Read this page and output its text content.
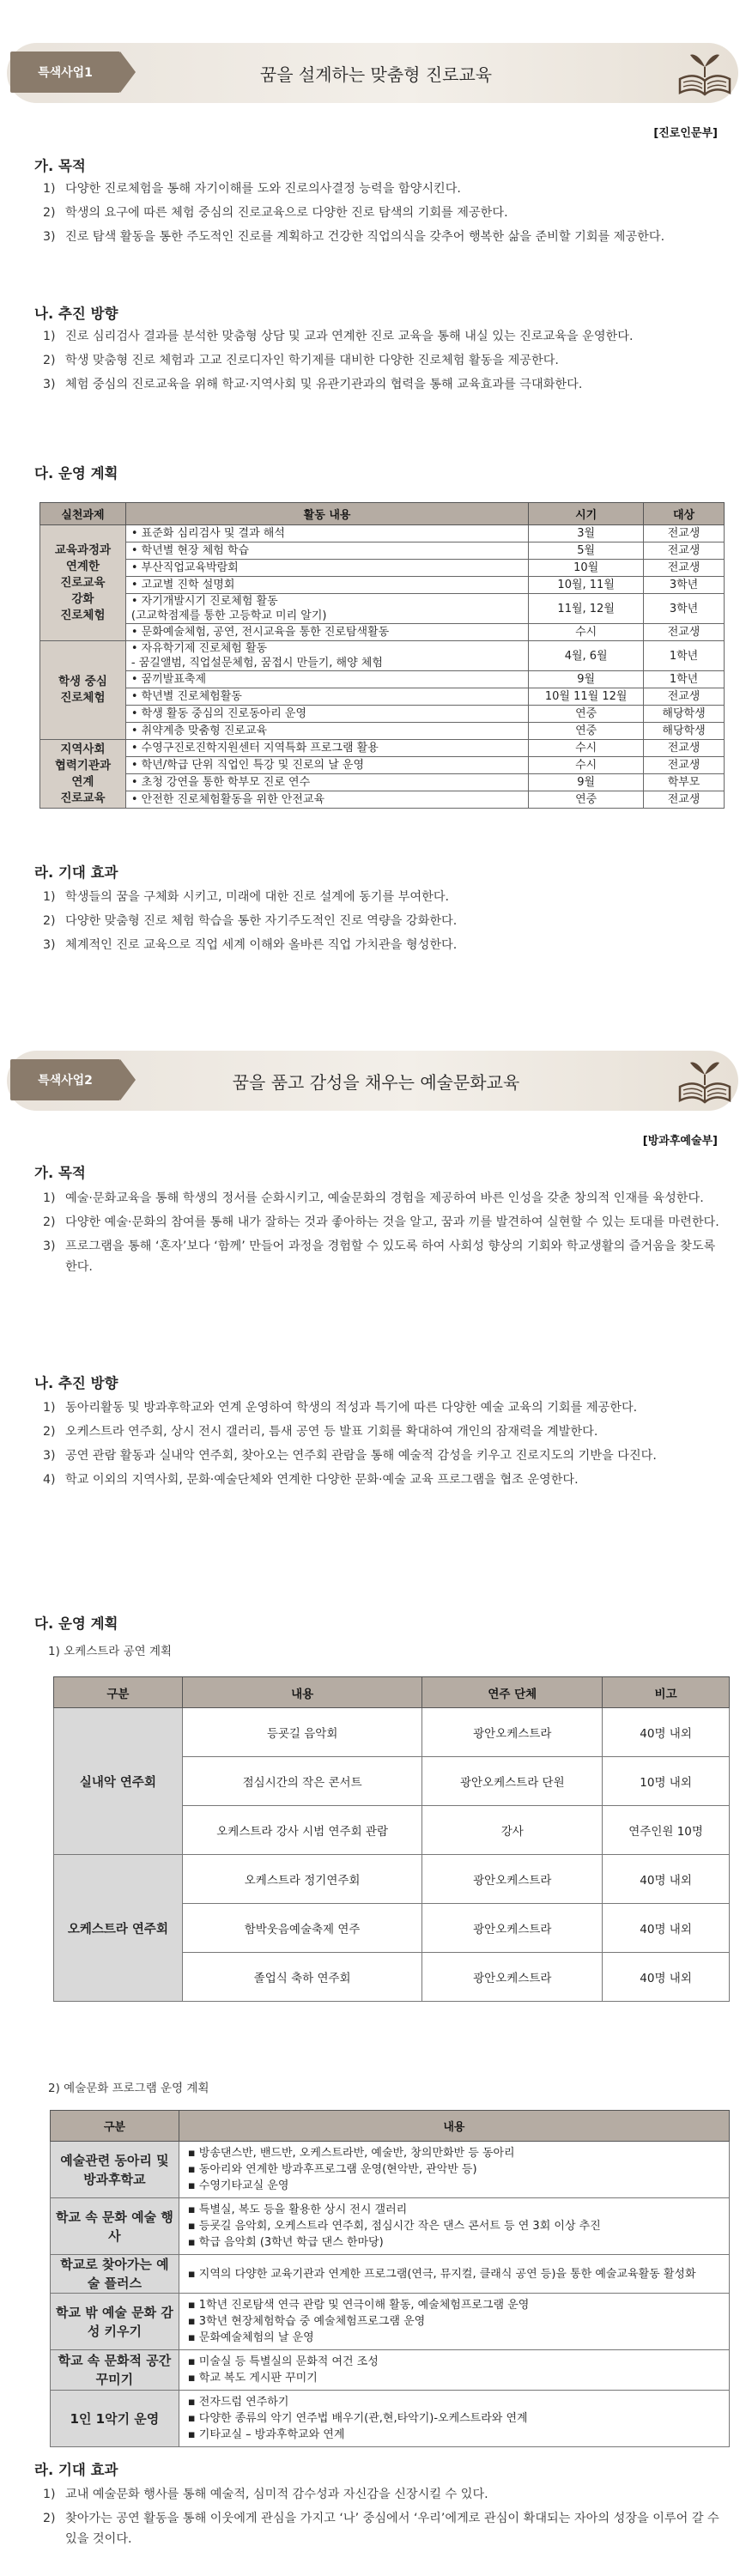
특색사업1	꿈을 설계하는 맞춤형 진로교육
[진로인문부]
가. 목적
1) 다양한 진로체험을 통해 자기이해를 도와 진로의사결정 능력을 함양시킨다.
2) 학생의 요구에 따른 체험 중심의 진로교육으로 다양한 진로 탐색의 기회를 제공한다.
3) 진로 탐색 활동을 통한 주도적인 진로를 계획하고 건강한 직업의식을 갖추어 행복한 삶을 준비할 기회를 제공한다.
나. 추진 방향
1) 진로 심리검사 결과를 분석한 맞춤형 상담 및 교과 연계한 진로 교육을 통해 내실 있는 진로교육을 운영한다.
2) 학생 맞춤형 진로 체험과 고교 진로디자인 학기제를 대비한 다양한 진로체험 활동을 제공한다.
3) 체험 중심의 진로교육을 위해 학교·지역사회 및 유관기관과의 협력을 통해 교육효과를 극대화한다.
다. 운영 계획
실천과제	활동 내용	시기	대상
교육과정과
연계한
진로교육
강화
진로체험	• 표준화 심리검사 및 결과 해석	3월	전교생
	• 학년별 현장 체험 학습	5월	전교생
	• 부산직업교육박람회	10월	전교생
	• 고교별 진학 설명회	10월, 11월	3학년
	• 자기개발시기 진로체험 활동
(고교학점제를 통한 고등학교 미리 알기)	11월, 12월	3학년
	• 문화예술체험, 공연, 전시교육을 통한 진로탐색활동	수시	전교생
학생 중심
진로체험	• 자유학기제 진로체험 활동
- 꿈길앨범, 직업설문체험, 꿈접시 만들기, 해양 체험	4월, 6월	1학년
	• 꿈끼발표축제	9월	1학년
	• 학년별 진로체험활동	10월 11월 12월	전교생
	• 학생 활동 중심의 진로동아리 운영	연중	해당학생
	• 취약계층 맞춤형 진로교육	연중	해당학생
지역사회
협력기관과
연계
진로교육	• 수영구진로진학지원센터 지역특화 프로그램 활용	수시	전교생
	• 학년/학급 단위 직업인 특강 및 진로의 날 운영	수시	전교생
	• 초청 강연을 통한 학부모 진로 연수	9월	학부모
	• 안전한 진로체험활동을 위한 안전교육	연중	전교생
라. 기대 효과
1) 학생들의 꿈을 구체화 시키고, 미래에 대한 진로 설계에 동기를 부여한다.
2) 다양한 맞춤형 진로 체험 학습을 통한 자기주도적인 진로 역량을 강화한다.
3) 체계적인 진로 교육으로 직업 세계 이해와 올바른 직업 가치관을 형성한다.
특색사업2	꿈을 품고 감성을 채우는 예술문화교육
[방과후예술부]
가. 목적
1) 예술·문화교육을 통해 학생의 정서를 순화시키고, 예술문화의 경험을 제공하여 바른 인성을 갖춘 창의적 인재를 육성한다.
2) 다양한 예술·문화의 참여를 통해 내가 잘하는 것과 좋아하는 것을 알고, 꿈과 끼를 발견하여 실현할 수 있는 토대를 마련한다.
3) 프로그램을 통해 ‘혼자’보다 ‘함께’ 만들어 과정을 경험할 수 있도록 하여 사회성 향상의 기회와 학교생활의 즐거움을 찾도록 한다.
나. 추진 방향
1) 동아리활동 및 방과후학교와 연계 운영하여 학생의 적성과 특기에 따른 다양한 예술 교육의 기회를 제공한다.
2) 오케스트라 연주회, 상시 전시 갤러리, 틈새 공연 등 발표 기회를 확대하여 개인의 잠재력을 계발한다.
3) 공연 관람 활동과 실내악 연주회, 찾아오는 연주회 관람을 통해 예술적 감성을 키우고 진로지도의 기반을 다진다.
4) 학교 이외의 지역사회, 문화·예술단체와 연계한 다양한 문화·예술 교육 프로그램을 협조 운영한다.
다. 운영 계획
1) 오케스트라 공연 계획
구분	내용	연주 단체	비고
실내악 연주회	등굣길 음악회	광안오케스트라	40명 내외
	점심시간의 작은 콘서트	광안오케스트라 단원	10명 내외
	오케스트라 강사 시범 연주회 관람	강사	연주인원 10명
오케스트라 연주회	오케스트라 정기연주회	광안오케스트라	40명 내외
	함박웃음예술축제 연주	광안오케스트라	40명 내외
	졸업식 축하 연주회	광안오케스트라	40명 내외
2) 예술문화 프로그램 운영 계획
구분	내용
예술관련 동아리 및 방과후학교	▪ 방송댄스반, 밴드반, 오케스트라반, 예술반, 창의만화반 등 동아리
▪ 동아리와 연계한 방과후프로그램 운영(현악반, 관악반 등)
▪ 수영기타교실 운영

학교 속 문화 예술 행사	▪ 특별실, 복도 등을 활용한 상시 전시 갤러리
▪ 등굣길 음악회, 오케스트라 연주회, 점심시간 작은 댄스 콘서트 등 연 3회 이상 추진
▪ 학급 음악회 (3학년 학급 댄스 한마당)

학교로 찾아가는 예술 플러스	▪ 지역의 다양한 교육기관과 연계한 프로그램(연극, 뮤지컬, 클래식 공연 등)을 통한 예술교육활동 활성화

학교 밖 예술 문화 감성 키우기	▪ 1학년 진로탐색 연극 관람 및 연극이해 활동, 예술체험프로그램 운영
▪ 3학년 현장체험학습 중 예술체험프로그램 운영
▪ 문화예술체험의 날 운영

학교 속 문화적 공간 꾸미기	▪ 미술실 등 특별실의 문화적 여건 조성
▪ 학교 복도 게시판 꾸미기

1인 1악기 운영	▪ 전자드럼 연주하기
▪ 다양한 종류의 악기 연주법 배우기(관,현,타악기)-오케스트라와 연계
▪ 기타교실 – 방과후학교와 연계
라. 기대 효과
1) 교내 예술문화 행사를 통해 예술적, 심미적 감수성과 자신감을 신장시킬 수 있다.
2) 찾아가는 공연 활동을 통해 이웃에게 관심을 가지고 ‘나’ 중심에서 ‘우리’에게로 관심이 확대되는 자아의 성장을 이루어 갈 수 있을 것이다.
